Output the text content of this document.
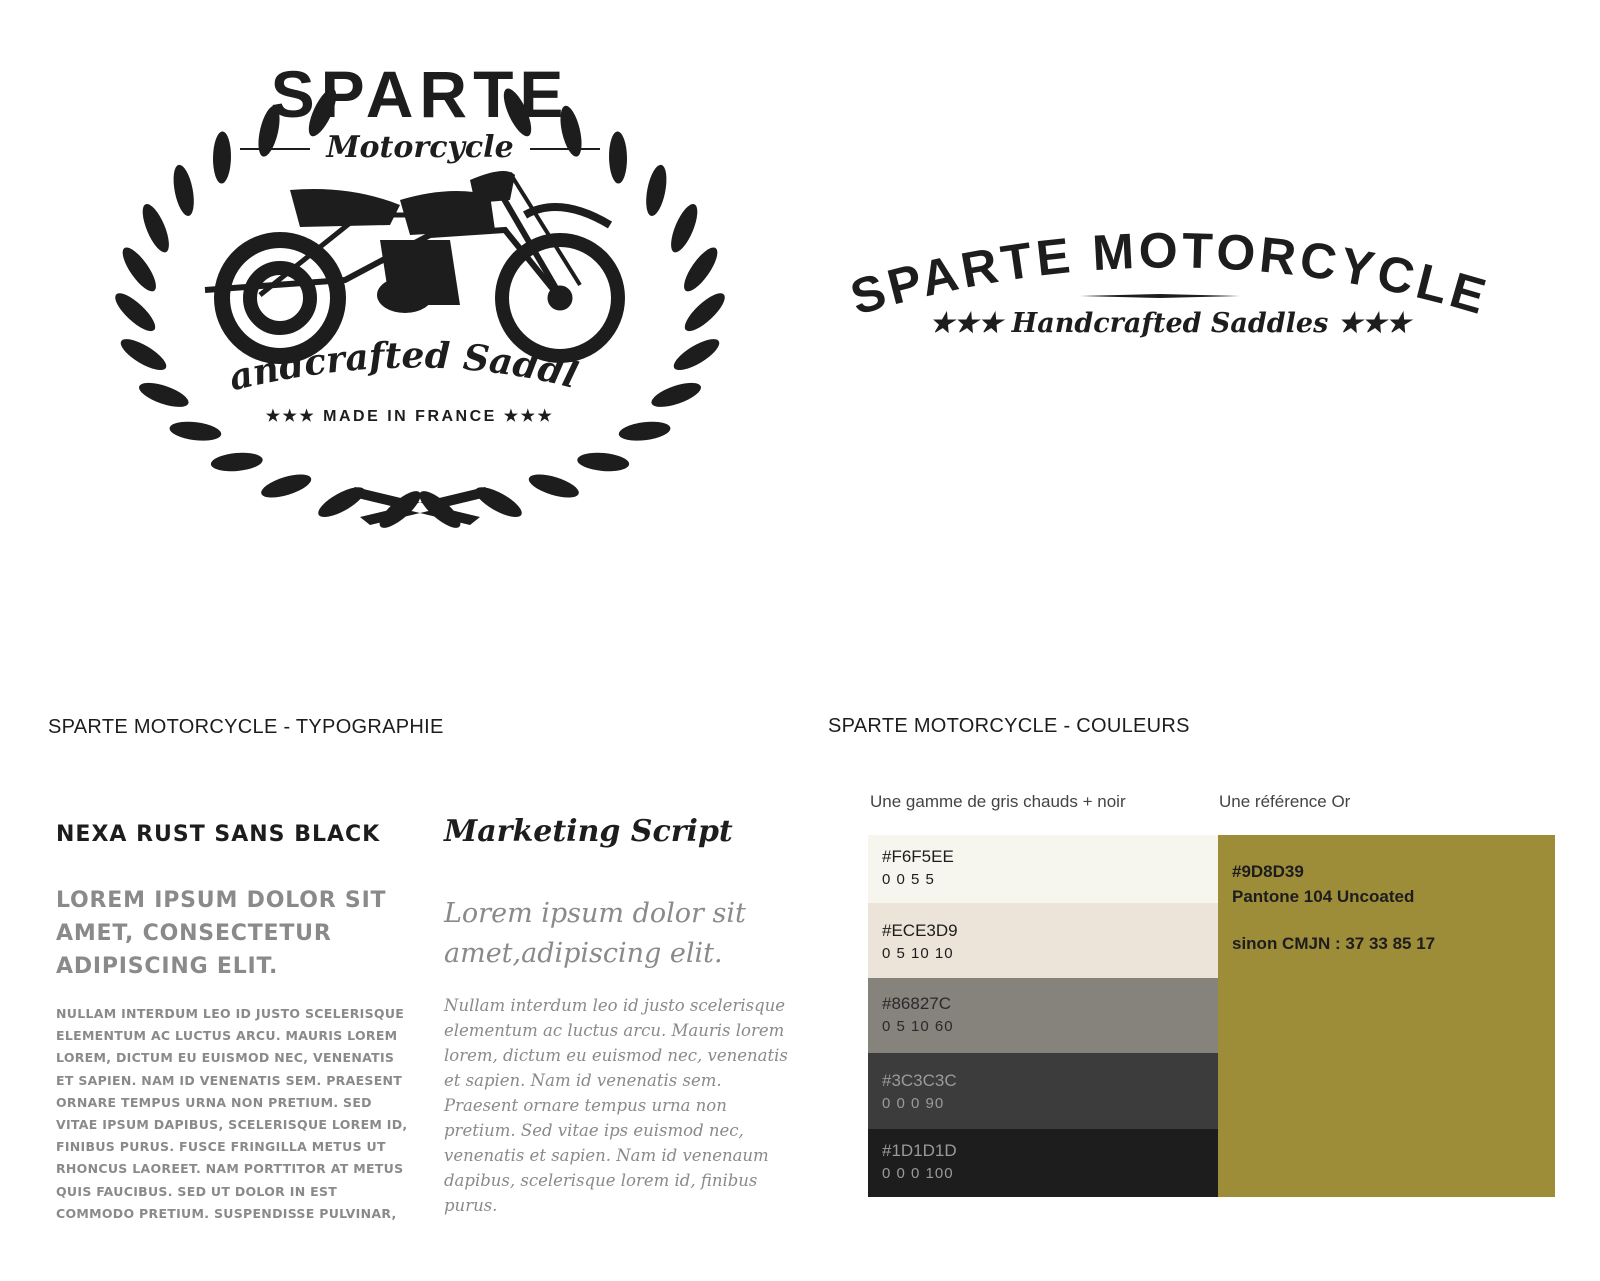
SPARTE
Motorcycle
andcrafted Saddl
★★★ MADE IN FRANCE ★★★
SPARTE MOTORCYCLE
★★★ Handcrafted Saddles ★★★
SPARTE MOTORCYCLE - TYPOGRAPHIE
NEXA RUST SANS BLACK
LOREM IPSUM DOLOR SIT AMET, CONSECTETUR ADIPISCING ELIT.
NULLAM INTERDUM LEO ID JUSTO SCELERISQUE ELEMENTUM AC LUCTUS ARCU. MAURIS LOREM LOREM, DICTUM EU EUISMOD NEC, VENENATIS ET SAPIEN. NAM ID VENENATIS SEM. PRAESENT ORNARE TEMPUS URNA NON PRETIUM. SED VITAE IPSUM DAPIBUS, SCELERISQUE LOREM ID, FINIBUS PURUS. FUSCE FRINGILLA METUS UT RHONCUS LAOREET. NAM PORTTITOR AT METUS QUIS FAUCIBUS. SED UT DOLOR IN EST COMMODO PRETIUM. SUSPENDISSE PULVINAR,
Marketing Script
Lorem ipsum dolor sit amet,adipiscing elit.
Nullam interdum leo id justo scelerisque elementum ac luctus arcu. Mauris lorem lorem, dictum eu euismod nec, venenatis et sapien. Nam id venenatis sem. Praesent ornare tempus urna non pretium. Sed vitae ips euismod nec, venenatis et sapien. Nam id venenaum dapibus, scelerisque lorem id, finibus purus.
SPARTE MOTORCYCLE - COULEURS
Une gamme de gris chauds + noir	Une référence Or
#F6F5EE
0 0 5 5
#ECE3D9
0 5 10 10
#86827C
0 5 10 60
#3C3C3C
0 0 0 90
#1D1D1D
0 0 0 100
#9D8D39
Pantone 104 Uncoated
sinon CMJN : 37 33 85 17
